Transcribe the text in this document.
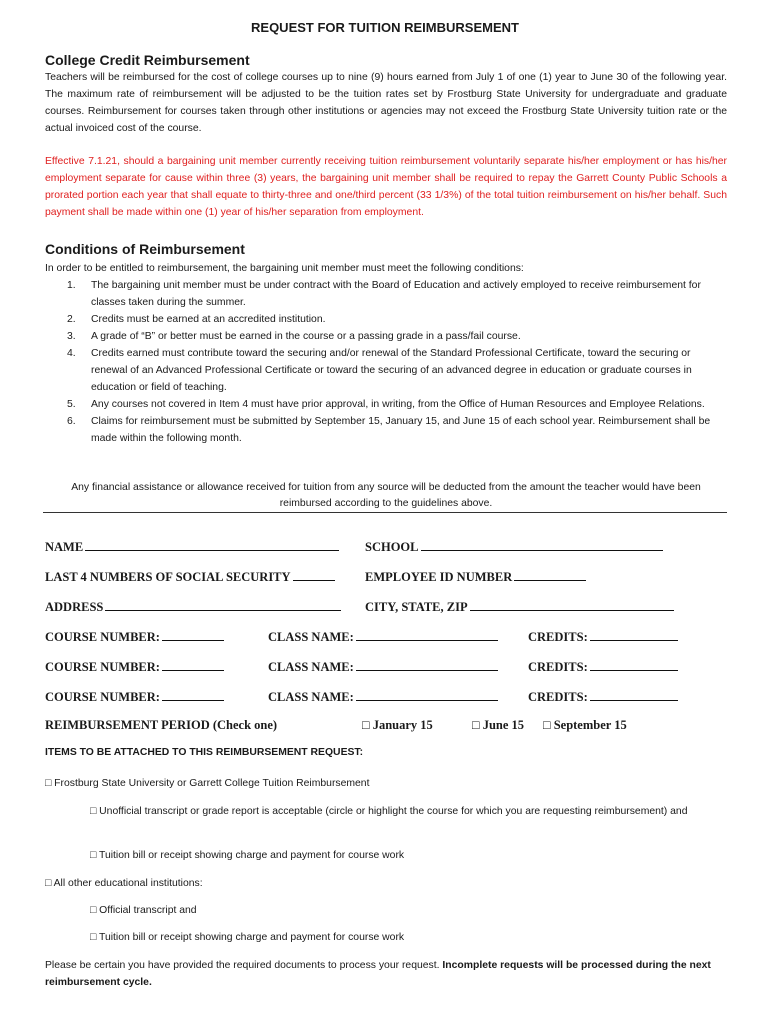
REQUEST FOR TUITION REIMBURSEMENT
College Credit Reimbursement
Teachers will be reimbursed for the cost of college courses up to nine (9) hours earned from July 1 of one (1) year to June 30 of the following year. The maximum rate of reimbursement will be adjusted to be the tuition rates set by Frostburg State University for undergraduate and graduate courses. Reimbursement for courses taken through other institutions or agencies may not exceed the Frostburg State University tuition rate or the actual invoiced cost of the course.
Effective 7.1.21, should a bargaining unit member currently receiving tuition reimbursement voluntarily separate his/her employment or has his/her employment separate for cause within three (3) years, the bargaining unit member shall be required to repay the Garrett County Public Schools a prorated portion each year that shall equate to thirty-three and one/third percent (33 1/3%) of the total tuition reimbursement on his/her behalf. Such payment shall be made within one (1) year of his/her separation from employment.
Conditions of Reimbursement
In order to be entitled to reimbursement, the bargaining unit member must meet the following conditions:
1. The bargaining unit member must be under contract with the Board of Education and actively employed to receive reimbursement for classes taken during the summer.
2. Credits must be earned at an accredited institution.
3. A grade of “B” or better must be earned in the course or a passing grade in a pass/fail course.
4. Credits earned must contribute toward the securing and/or renewal of the Standard Professional Certificate, toward the securing or renewal of an Advanced Professional Certificate or toward the securing of an advanced degree in education or graduate courses in education or field of teaching.
5. Any courses not covered in Item 4 must have prior approval, in writing, from the Office of Human Resources and Employee Relations.
6. Claims for reimbursement must be submitted by September 15, January 15, and June 15 of each school year. Reimbursement shall be made within the following month.
Any financial assistance or allowance received for tuition from any source will be deducted from the amount the teacher would have been reimbursed according to the guidelines above.
NAME	SCHOOL
LAST 4 NUMBERS OF SOCIAL SECURITY	EMPLOYEE ID NUMBER
ADDRESS	CITY, STATE, ZIP
COURSE NUMBER:	CLASS NAME:	CREDITS:
COURSE NUMBER:	CLASS NAME:	CREDITS:
COURSE NUMBER:	CLASS NAME:	CREDITS:
REIMBURSEMENT PERIOD (Check one)	□ January 15	□ June 15 □ September 15
ITEMS TO BE ATTACHED TO THIS REIMBURSEMENT REQUEST:
□ Frostburg State University or Garrett College Tuition Reimbursement
□ Unofficial transcript or grade report is acceptable (circle or highlight the course for which you are requesting reimbursement) and
□ Tuition bill or receipt showing charge and payment for course work
□ All other educational institutions:
□ Official transcript and
□ Tuition bill or receipt showing charge and payment for course work
Please be certain you have provided the required documents to process your request. Incomplete requests will be processed during the next reimbursement cycle.
